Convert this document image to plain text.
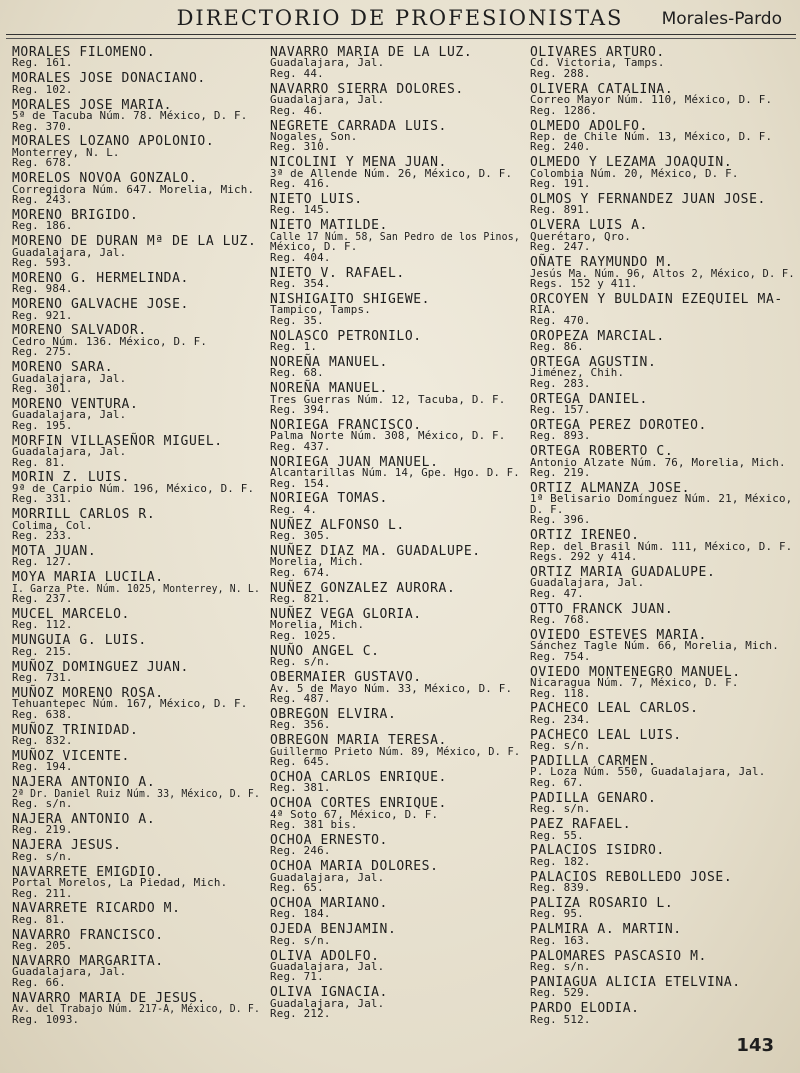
DIRECTORIO DE PROFESIONISTAS	Morales-Pardo
MORALES FILOMENO.
Reg. 161.
MORALES JOSE DONACIANO.
Reg. 102.
MORALES JOSE MARIA.
5ª de Tacuba Núm. 78. México, D. F.
Reg. 370.
MORALES LOZANO APOLONIO.
Monterrey, N. L.
Reg. 678.
MORELOS NOVOA GONZALO.
Corregidora Núm. 647. Morelia, Mich.
Reg. 243.
MORENO BRIGIDO.
Reg. 186.
MORENO DE DURAN Mª DE LA LUZ.
Guadalajara, Jal.
Reg. 593.
MORENO G. HERMELINDA.
Reg. 984.
MORENO GALVACHE JOSE.
Reg. 921.
MORENO SALVADOR.
Cedro Núm. 136. México, D. F.
Reg. 275.
MORENO SARA.
Guadalajara, Jal.
Reg. 301.
MORENO VENTURA.
Guadalajara, Jal.
Reg. 195.
MORFIN VILLASEÑOR MIGUEL.
Guadalajara, Jal.
Reg. 81.
MORIN Z. LUIS.
9ª de Carpio Núm. 196, México, D. F.
Reg. 331.
MORRILL CARLOS R.
Colima, Col.
Reg. 233.
MOTA JUAN.
Reg. 127.
MOYA MARIA LUCILA.
I. Garza Pte. Núm. 1025, Monterrey, N. L.
Reg. 237.
MUCEL MARCELO.
Reg. 112.
MUNGUIA G. LUIS.
Reg. 215.
MUÑOZ DOMINGUEZ JUAN.
Reg. 731.
MUÑOZ MORENO ROSA.
Tehuantepec Núm. 167, México, D. F.
Reg. 638.
MUÑOZ TRINIDAD.
Reg. 832.
MUÑOZ VICENTE.
Reg. 194.
NAJERA ANTONIO A.
2ª Dr. Daniel Ruiz Núm. 33, México, D. F.
Reg. s/n.
NAJERA ANTONIO A.
Reg. 219.
NAJERA JESUS.
Reg. s/n.
NAVARRETE EMIGDIO.
Portal Morelos, La Piedad, Mich.
Reg. 211.
NAVARRETE RICARDO M.
Reg. 81.
NAVARRO FRANCISCO.
Reg. 205.
NAVARRO MARGARITA.
Guadalajara, Jal.
Reg. 66.
NAVARRO MARIA DE JESUS.
Av. del Trabajo Núm. 217-A, México, D. F.
Reg. 1093.
NAVARRO MARIA DE LA LUZ.
Guadalajara, Jal.
Reg. 44.
NAVARRO SIERRA DOLORES.
Guadalajara, Jal.
Reg. 46.
NEGRETE CARRADA LUIS.
Nogales, Son.
Reg. 310.
NICOLINI Y MENA JUAN.
3ª de Allende Núm. 26, México, D. F.
Reg. 416.
NIETO LUIS.
Reg. 145.
NIETO MATILDE.
Calle 17 Núm. 58, San Pedro de los Pinos,
México, D. F.
Reg. 404.
NIETO V. RAFAEL.
Reg. 354.
NISHIGAITO SHIGEWE.
Tampico, Tamps.
Reg. 35.
NOLASCO PETRONILO.
Reg. 1.
NOREÑA MANUEL.
Reg. 68.
NOREÑA MANUEL.
Tres Guerras Núm. 12, Tacuba, D. F.
Reg. 394.
NORIEGA FRANCISCO.
Palma Norte Núm. 308, México, D. F.
Reg. 437.
NORIEGA JUAN MANUEL.
Alcantarillas Núm. 14, Gpe. Hgo. D. F.
Reg. 154.
NORIEGA TOMAS.
Reg. 4.
NUÑEZ ALFONSO L.
Reg. 305.
NUÑEZ DIAZ MA. GUADALUPE.
Morelia, Mich.
Reg. 674.
NUÑEZ GONZALEZ AURORA.
Reg. 821.
NUÑEZ VEGA GLORIA.
Morelia, Mich.
Reg. 1025.
NUÑO ANGEL C.
Reg. s/n.
OBERMAIER GUSTAVO.
Av. 5 de Mayo Núm. 33, México, D. F.
Reg. 487.
OBREGON ELVIRA.
Reg. 356.
OBREGON MARIA TERESA.
Guillermo Prieto Núm. 89, México, D. F.
Reg. 645.
OCHOA CARLOS ENRIQUE.
Reg. 381.
OCHOA CORTES ENRIQUE.
4ª Soto 67, México, D. F.
Reg. 381 bis.
OCHOA ERNESTO.
Reg. 246.
OCHOA MARIA DOLORES.
Guadalajara, Jal.
Reg. 65.
OCHOA MARIANO.
Reg. 184.
OJEDA BENJAMIN.
Reg. s/n.
OLIVA ADOLFO.
Guadalajara, Jal.
Reg. 71.
OLIVA IGNACIA.
Guadalajara, Jal.
Reg. 212.
OLIVARES ARTURO.
Cd. Victoria, Tamps.
Reg. 288.
OLIVERA CATALINA.
Correo Mayor Núm. 110, México, D. F.
Reg. 1286.
OLMEDO ADOLFO.
Rep. de Chile Núm. 13, México, D. F.
Reg. 240.
OLMEDO Y LEZAMA JOAQUIN.
Colombia Núm. 20, México, D. F.
Reg. 191.
OLMOS Y FERNANDEZ JUAN JOSE.
Reg. 891.
OLVERA LUIS A.
Querétaro, Qro.
Reg. 247.
OÑATE RAYMUNDO M.
Jesús Ma. Núm. 96, Altos 2, México, D. F.
Regs. 152 y 411.
ORCOYEN Y BULDAIN EZEQUIEL MA-
RIA.
Reg. 470.
OROPEZA MARCIAL.
Reg. 86.
ORTEGA AGUSTIN.
Jiménez, Chih.
Reg. 283.
ORTEGA DANIEL.
Reg. 157.
ORTEGA PEREZ DOROTEO.
Reg. 893.
ORTEGA ROBERTO C.
Antonio Alzate Núm. 76, Morelia, Mich.
Reg. 219.
ORTIZ ALMANZA JOSE.
1ª Belisario Domínguez Núm. 21, México,
D. F.
Reg. 396.
ORTIZ IRENEO.
Rep. del Brasil Núm. 111, México, D. F.
Regs. 292 y 414.
ORTIZ MARIA GUADALUPE.
Guadalajara, Jal.
Reg. 47.
OTTO FRANCK JUAN.
Reg. 768.
OVIEDO ESTEVES MARIA.
Sánchez Tagle Núm. 66, Morelia, Mich.
Reg. 754.
OVIEDO MONTENEGRO MANUEL.
Nicaragua Núm. 7, México, D. F.
Reg. 118.
PACHECO LEAL CARLOS.
Reg. 234.
PACHECO LEAL LUIS.
Reg. s/n.
PADILLA CARMEN.
P. Loza Núm. 550, Guadalajara, Jal.
Reg. 67.
PADILLA GENARO.
Reg. s/n.
PAEZ RAFAEL.
Reg. 55.
PALACIOS ISIDRO.
Reg. 182.
PALACIOS REBOLLEDO JOSE.
Reg. 839.
PALIZA ROSARIO L.
Reg. 95.
PALMIRA A. MARTIN.
Reg. 163.
PALOMARES PASCASIO M.
Reg. s/n.
PANIAGUA ALICIA ETELVINA.
Reg. 529.
PARDO ELODIA.
Reg. 512.
143
